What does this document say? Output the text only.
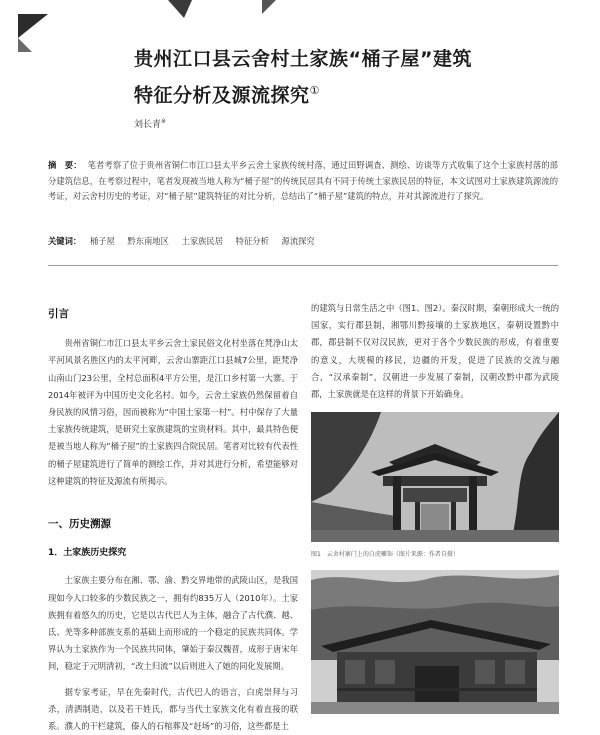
贵州江口县云舍村土家族“桶子屋”建筑
特征分析及源流探究①
刘长青※
摘　要： 笔者考察了位于贵州省铜仁市江口县太平乡云舍土家族传统村落，通过田野调查、测绘、访谈等方式收集了这个土家族村落的部分建筑信息，在考察过程中，笔者发现被当地人称为“桶子屋”的传统民居具有不同于传统土家族民居的特征，本文试图对土家族建筑源流的考证，对云舍村历史的考证，对“桶子屋”建筑特征的对比分析，总结出了“桶子屋”建筑的特点，并对其源流进行了探究。
关键词： 桶子屋 黔东南地区 土家族民居 特征分析 源流探究
引言

贵州省铜仁市江口县太平乡云舍土家民俗文化村坐落在梵净山太平河风景名胜区内的太平河畔，云舍山寨距江口县城7公里，距梵净山南山门23公里，全村总面积4平方公里，是江口乡村第一大寨。于2014年被评为中国历史文化名村。如今，云舍土家族仍然保留着自身民族的风情习俗，因而被称为“中国土家第一村”。村中保存了大量土家族传统建筑，是研究土家族建筑的宝贵材料。其中，最具特色便是被当地人称为“桶子屋”的土家族四合院民居。笔者对比较有代表性的桶子屋建筑进行了简单的测绘工作，并对其进行分析，希望能够对这种建筑的特征及源流有所揭示。

一、历史溯源
1．土家族历史探究

土家族主要分布在湘、鄂、渝、黔交界地带的武陵山区，是我国现如今人口较多的少数民族之一，拥有约835万人（2010年）。土家族拥有着悠久的历史，它是以古代巴人为主体，融合了古代濮、越、氐、羌等多种部族支系的基础上而形成的一个稳定的民族共同体。学界认为土家族作为一个民族共同体，肇始于秦汉魏晋，成形于唐宋年间，稳定于元明清初，“改土归流”以后则进入了她的同化发展期。

据专家考证，早在先秦时代，古代巴人的语言，白虎崇拜与习杀，清洒制造，以及若干姓氏，都与当代土家族文化有着直接的联系。濮人的干栏建筑，傣人的石棺葬及“赶场”的习俗，这些都是土

的建筑与日常生活之中（图1、图2）。秦汉时期，秦朝形成大一统的国家，实行郡县制，湘鄂川黔接壤的土家族地区，秦朝设置黔中郡，郡县制不仅对汉民族，更对于各个少数民族的形成，有着重要的意义，大规模的移民，边疆的开发，促进了民族的交流与融合，“汉承秦制”，汉朝进一步发展了秦制，汉朝改黔中郡为武陵郡，土家族就是在这样的背景下开始确身。

图1　云舍村寨门上的白虎雕饰（图片来源：作者自摄）
